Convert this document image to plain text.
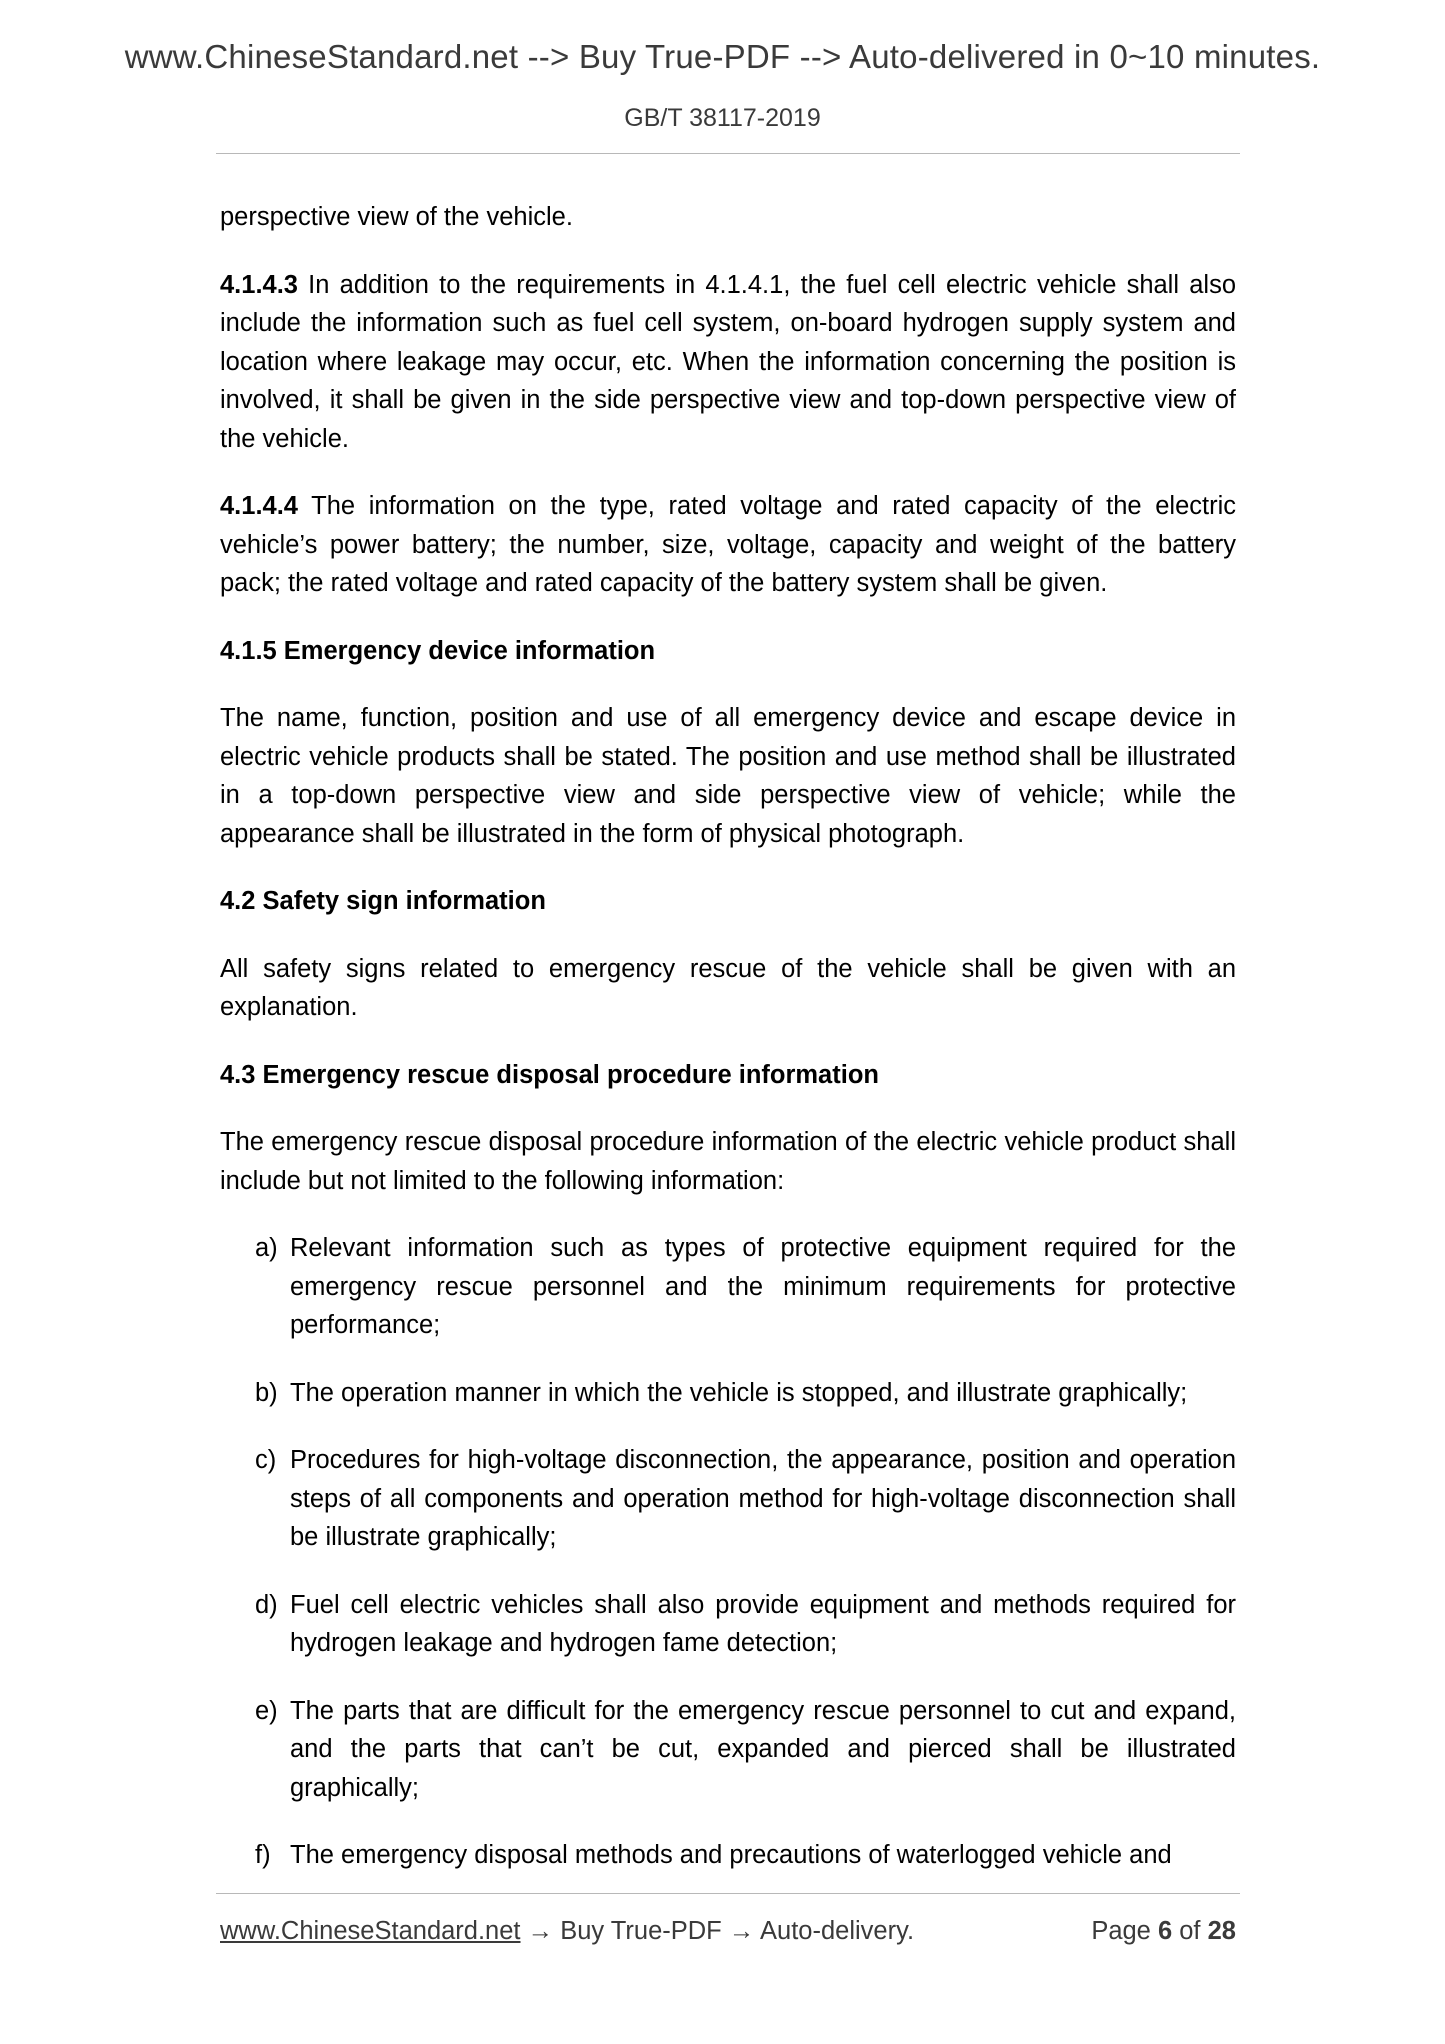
www.ChineseStandard.net --> Buy True-PDF --> Auto-delivered in 0~10 minutes.
GB/T 38117-2019

perspective view of the vehicle.

4.1.4.3 In addition to the requirements in 4.1.4.1, the fuel cell electric vehicle shall also include the information such as fuel cell system, on-board hydrogen supply system and location where leakage may occur, etc. When the information concerning the position is involved, it shall be given in the side perspective view and top-down perspective view of the vehicle.

4.1.4.4 The information on the type, rated voltage and rated capacity of the electric vehicle’s power battery; the number, size, voltage, capacity and weight of the battery pack; the rated voltage and rated capacity of the battery system shall be given.

4.1.5 Emergency device information

The name, function, position and use of all emergency device and escape device in electric vehicle products shall be stated. The position and use method shall be illustrated in a top-down perspective view and side perspective view of vehicle; while the appearance shall be illustrated in the form of physical photograph.

4.2 Safety sign information

All safety signs related to emergency rescue of the vehicle shall be given with an explanation.

4.3 Emergency rescue disposal procedure information

The emergency rescue disposal procedure information of the electric vehicle product shall include but not limited to the following information:

a) Relevant information such as types of protective equipment required for the emergency rescue personnel and the minimum requirements for protective performance;
b) The operation manner in which the vehicle is stopped, and illustrate graphically;
c) Procedures for high-voltage disconnection, the appearance, position and operation steps of all components and operation method for high-voltage disconnection shall be illustrate graphically;
d) Fuel cell electric vehicles shall also provide equipment and methods required for hydrogen leakage and hydrogen fame detection;
e) The parts that are difficult for the emergency rescue personnel to cut and expand, and the parts that can’t be cut, expanded and pierced shall be illustrated graphically;
f) The emergency disposal methods and precautions of waterlogged vehicle and
www.ChineseStandard.net → Buy True-PDF → Auto-delivery.	Page 6 of 28
